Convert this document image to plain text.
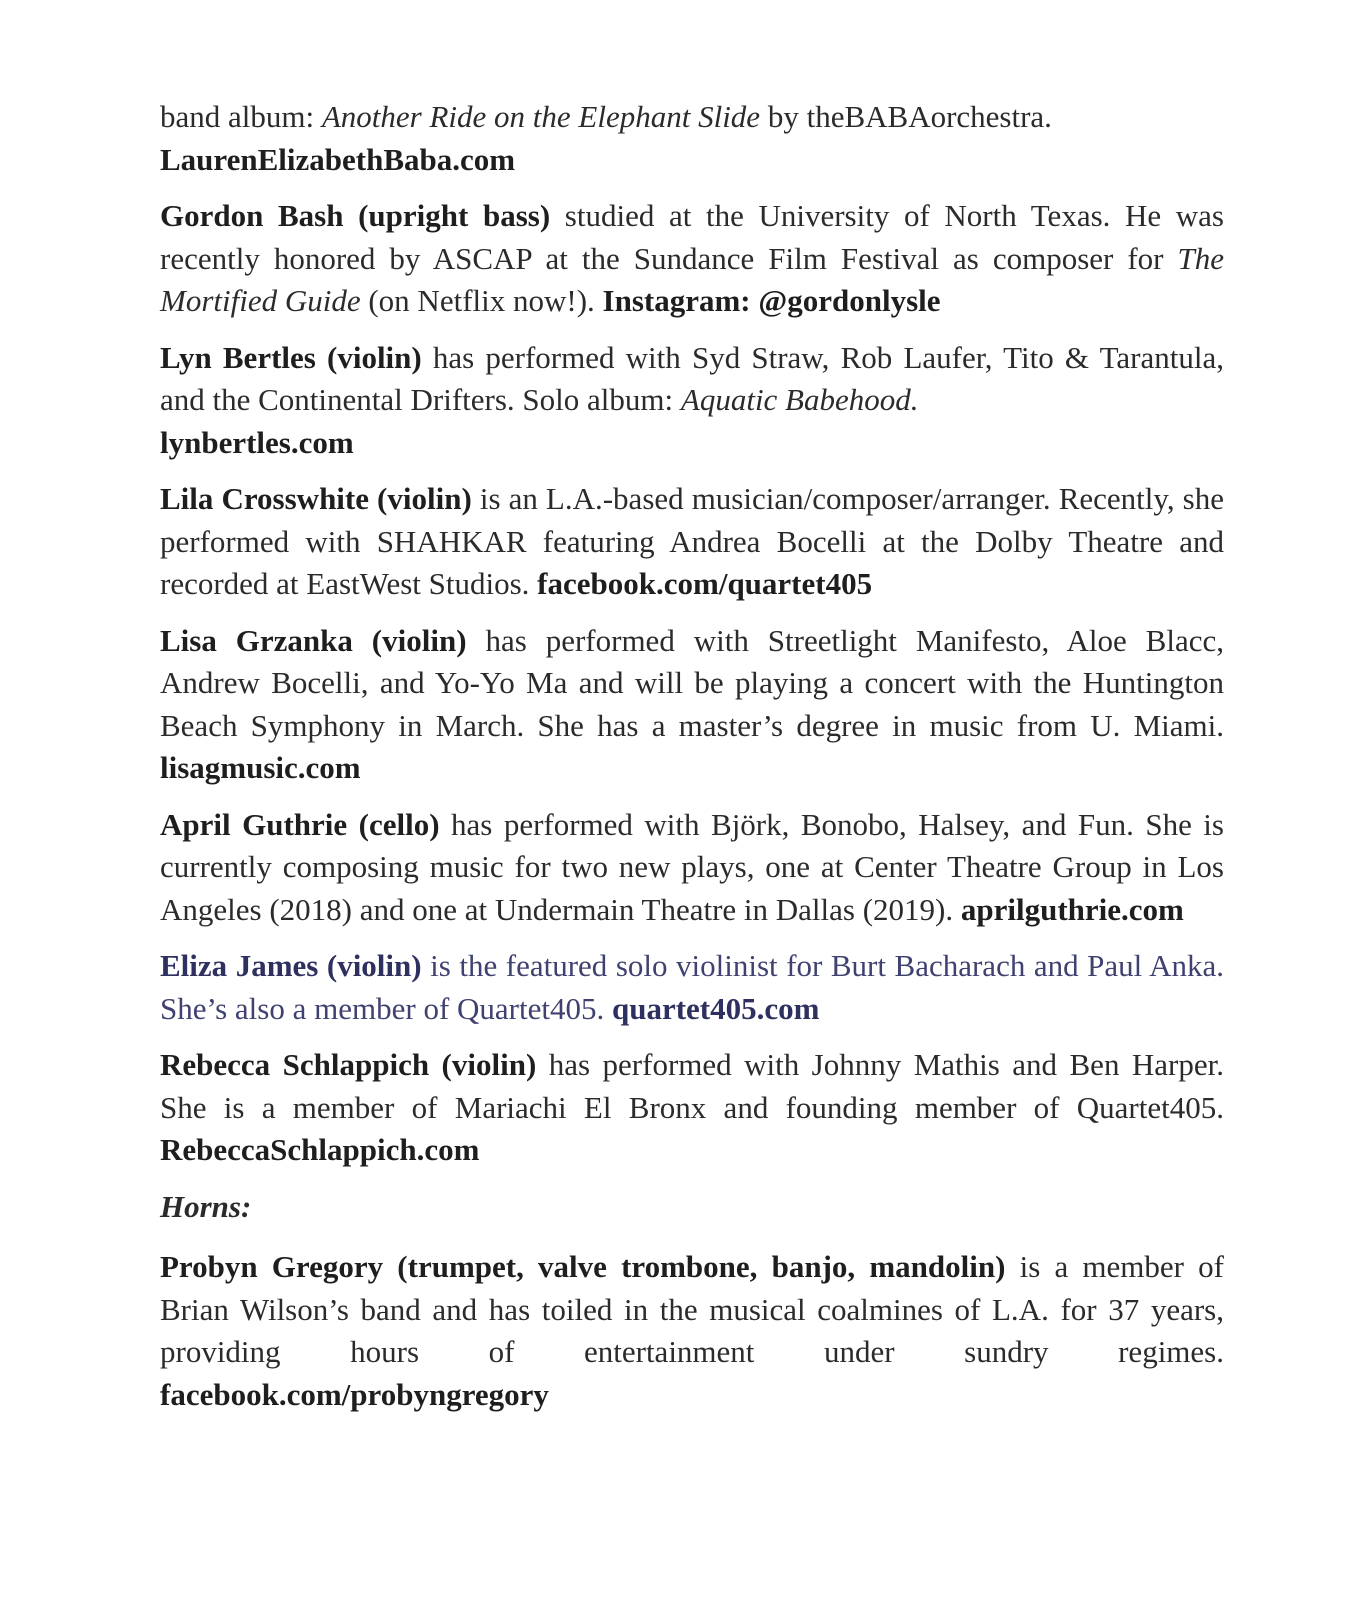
band album: Another Ride on the Elephant Slide by theBABAorchestra.
LaurenElizabethBaba.com

Gordon Bash (upright bass) studied at the University of North Texas. He was recently honored by ASCAP at the Sundance Film Festival as composer for The Mortified Guide (on Netflix now!). Instagram: @gordonlysle

Lyn Bertles (violin) has performed with Syd Straw, Rob Laufer, Tito & Tarantula, and the Continental Drifters. Solo album: Aquatic Babehood.
lynbertles.com

Lila Crosswhite (violin) is an L.A.-based musician/composer/arranger. Recently, she performed with SHAHKAR featuring Andrea Bocelli at the Dolby Theatre and recorded at EastWest Studios. facebook.com/quartet405

Lisa Grzanka (violin) has performed with Streetlight Manifesto, Aloe Blacc, Andrew Bocelli, and Yo-Yo Ma and will be playing a concert with the Huntington Beach Symphony in March. She has a master’s degree in music from U. Miami. lisagmusic.com

April Guthrie (cello) has performed with Björk, Bonobo, Halsey, and Fun. She is currently composing music for two new plays, one at Center Theatre Group in Los Angeles (2018) and one at Undermain Theatre in Dallas (2019). aprilguthrie.com

Eliza James (violin) is the featured solo violinist for Burt Bacharach and Paul Anka. She’s also a member of Quartet405. quartet405.com

Rebecca Schlappich (violin) has performed with Johnny Mathis and Ben Harper. She is a member of Mariachi El Bronx and founding member of Quartet405. RebeccaSchlappich.com

Horns:

Probyn Gregory (trumpet, valve trombone, banjo, mandolin) is a member of Brian Wilson’s band and has toiled in the musical coalmines of L.A. for 37 years, providing hours of entertainment under sundry regimes. facebook.com/probyngregory
